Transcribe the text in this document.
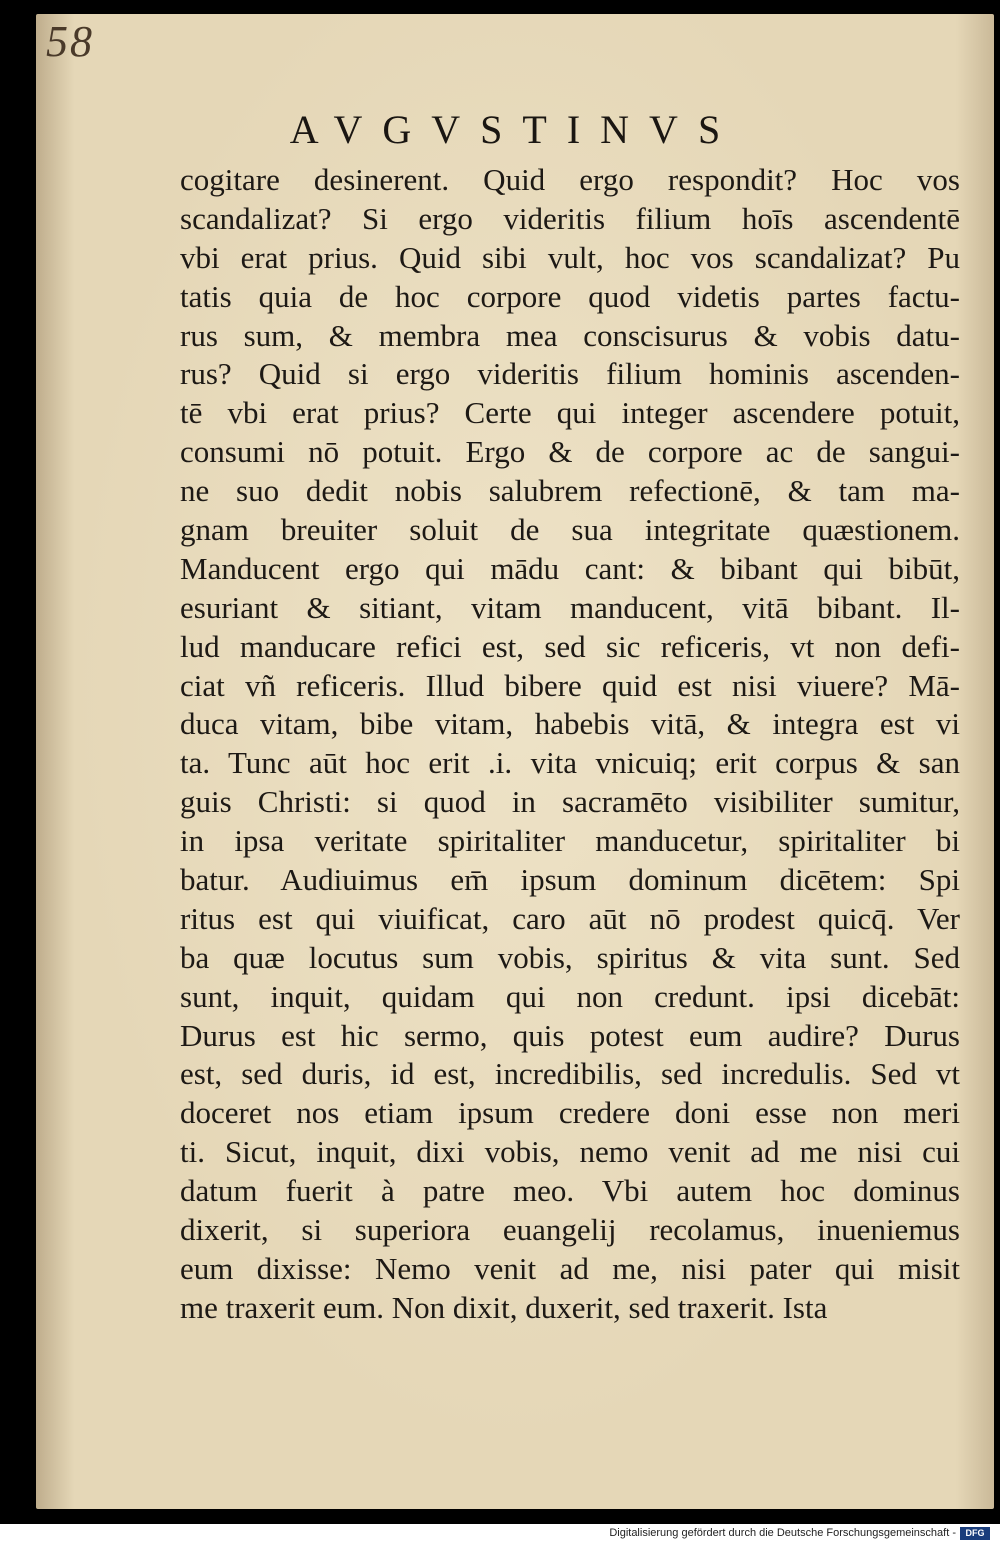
58
AVGVSTINVS
cogitare desinerent. Quid ergo respondit? Hoc vos
scandalizat? Si ergo videritis filium hoīs ascendentē
vbi erat prius. Quid sibi vult, hoc vos scandalizat? Pu
tatis quia de hoc corpore quod videtis partes factu-
rus sum, & membra mea conscisurus & vobis datu-
rus? Quid si ergo videritis filium hominis ascenden-
tē vbi erat prius? Certe qui integer ascendere potuit,
consumi nō potuit. Ergo & de corpore ac de sangui-
ne suo dedit nobis salubrem refectionē, & tam ma-
gnam breuiter soluit de sua integritate quæstionem.
Manducent ergo qui mādu cant: & bibant qui bibūt,
esuriant & sitiant, vitam manducent, vitā bibant. Il-
lud manducare refici est, sed sic reficeris, vt non defi-
ciat vñ reficeris. Illud bibere quid est nisi viuere? Mā-
duca vitam, bibe vitam, habebis vitā, & integra est vi
ta. Tunc aūt hoc erit .i. vita vnicuiq; erit corpus & san
guis Christi: si quod in sacramēto visibiliter sumitur,
in ipsa veritate spiritaliter manducetur, spiritaliter bi
batur. Audiuimus em̄ ipsum dominum dicētem: Spi
ritus est qui viuificat, caro aūt nō prodest quicq̄. Ver
ba quæ locutus sum vobis, spiritus & vita sunt. Sed
sunt, inquit, quidam qui non credunt. ipsi dicebāt:
Durus est hic sermo, quis potest eum audire? Durus
est, sed duris, id est, incredibilis, sed incredulis. Sed vt
doceret nos etiam ipsum credere doni esse non meri
ti. Sicut, inquit, dixi vobis, nemo venit ad me nisi cui
datum fuerit à patre meo. Vbi autem hoc dominus
dixerit, si superiora euangelij recolamus, inueniemus
eum dixisse: Nemo venit ad me, nisi pater qui misit
me traxerit eum. Non dixit, duxerit, sed traxerit. Ista
Digitalisierung gefördert durch die Deutsche Forschungsgemeinschaft -	DFG
